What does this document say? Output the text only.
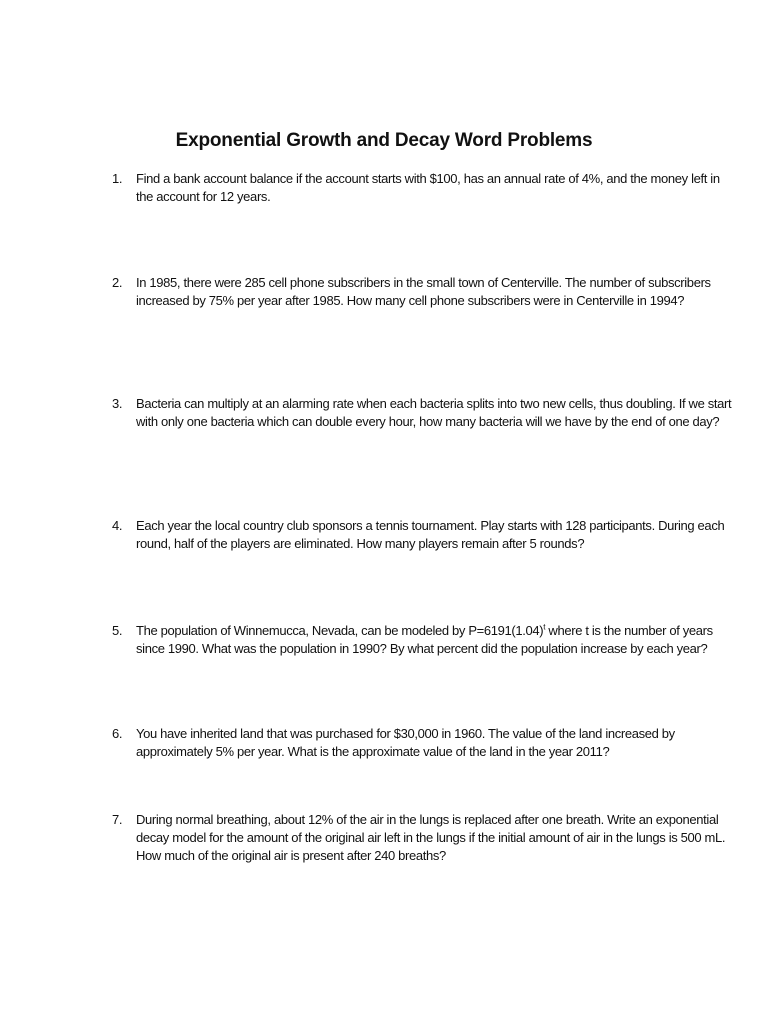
Exponential Growth and Decay Word Problems
1.	Find a bank account balance if the account starts with $100, has an annual rate of 4%, and the money left in the account for 12 years.
2.	In 1985, there were 285 cell phone subscribers in the small town of Centerville. The number of subscribers increased by 75% per year after 1985. How many cell phone subscribers were in Centerville in 1994?
3.	Bacteria can multiply at an alarming rate when each bacteria splits into two new cells, thus doubling. If we start with only one bacteria which can double every hour, how many bacteria will we have by the end of one day?
4.	Each year the local country club sponsors a tennis tournament. Play starts with 128 participants. During each round, half of the players are eliminated. How many players remain after 5 rounds?
5.	The population of Winnemucca, Nevada, can be modeled by $P=6191(1.04)^t$ where t is the number of years since 1990. What was the population in 1990? By what percent did the population increase by each year?
6.	You have inherited land that was purchased for $30,000 in 1960. The value of the land increased by approximately 5% per year. What is the approximate value of the land in the year 2011?
7.	During normal breathing, about 12% of the air in the lungs is replaced after one breath. Write an exponential decay model for the amount of the original air left in the lungs if the initial amount of air in the lungs is 500 mL. How much of the original air is present after 240 breaths?
